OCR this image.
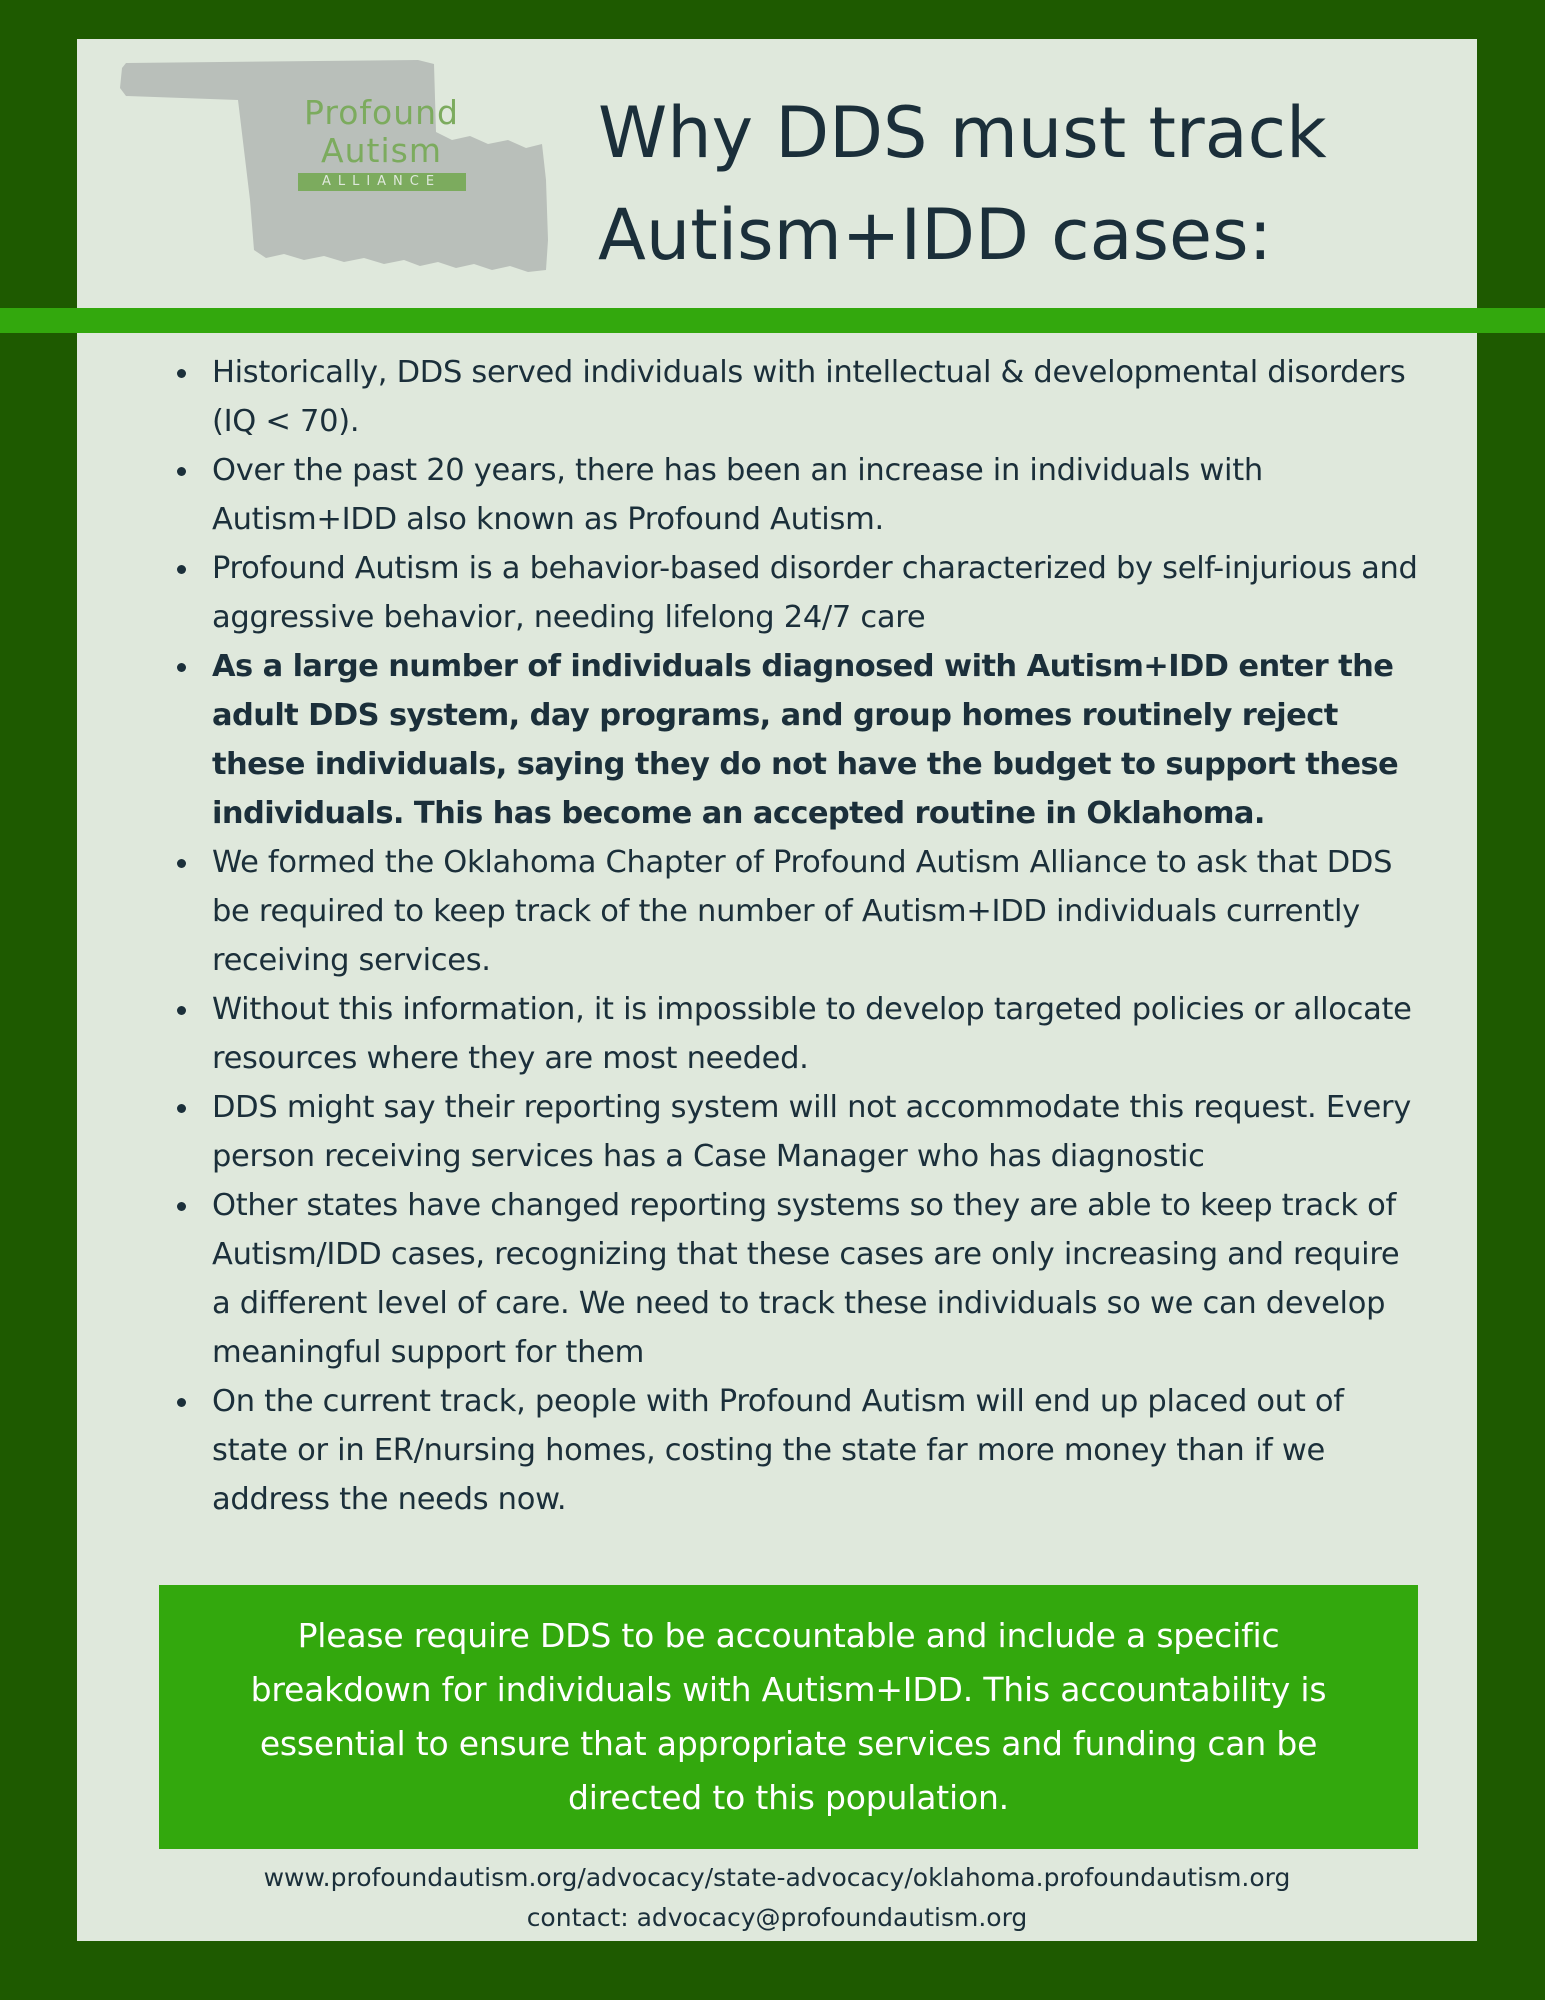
Profound
Autism
ALLIANCE
Why DDS must track
Autism+IDD cases:
Historically, DDS served individuals with intellectual & developmental disorders (IQ < 70).
Over the past 20 years, there has been an increase in individuals with Autism+IDD also known as Profound Autism.
Profound Autism is a behavior-based disorder characterized by self-injurious and aggressive behavior, needing lifelong 24/7 care
As a large number of individuals diagnosed with Autism+IDD enter the adult DDS system, day programs, and group homes routinely reject these individuals, saying they do not have the budget to support these individuals. This has become an accepted routine in Oklahoma.
We formed the Oklahoma Chapter of Profound Autism Alliance to ask that DDS be required to keep track of the number of Autism+IDD individuals currently receiving services.
Without this information, it is impossible to develop targeted policies or allocate resources where they are most needed.
DDS might say their reporting system will not accommodate this request. Every person receiving services has a Case Manager who has diagnostic
Other states have changed reporting systems so they are able to keep track of Autism/IDD cases, recognizing that these cases are only increasing and require a different level of care. We need to track these individuals so we can develop meaningful support for them
On the current track, people with Profound Autism will end up placed out of state or in ER/nursing homes, costing the state far more money than if we address the needs now.
Please require DDS to be accountable and include a specific breakdown for individuals with Autism+IDD. This accountability is essential to ensure that appropriate services and funding can be directed to this population.
www.profoundautism.org/advocacy/state-advocacy/oklahoma.profoundautism.org
contact: advocacy@profoundautism.org
